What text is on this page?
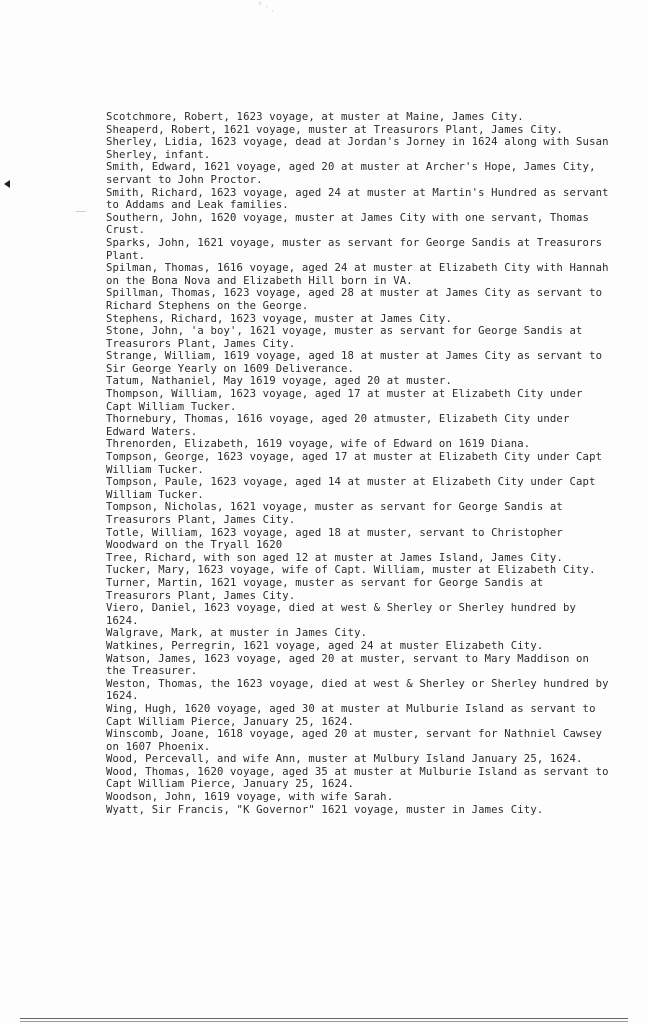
˚ · ⸒
Scotchmore, Robert, 1623 voyage, at muster at Maine, James City.
Sheaperd, Robert, 1621 voyage, muster at Treasurors Plant, James City.
Sherley, Lidia, 1623 voyage, dead at Jordan's Jorney in 1624 along with Susan
Sherley, infant.
Smith, Edward, 1621 voyage, aged 20 at muster at Archer's Hope, James City,
servant to John Proctor.
Smith, Richard, 1623 voyage, aged 24 at muster at Martin's Hundred as servant
to Addams and Leak families.
Southern, John, 1620 voyage, muster at James City with one servant, Thomas
Crust.
Sparks, John, 1621 voyage, muster as servant for George Sandis at Treasurors
Plant.
Spilman, Thomas, 1616 voyage, aged 24 at muster at Elizabeth City with Hannah
on the Bona Nova and Elizabeth Hill born in VA.
Spillman, Thomas, 1623 voyage, aged 28 at muster at James City as servant to
Richard Stephens on the George.
Stephens, Richard, 1623 voyage, muster at James City.
Stone, John, 'a boy', 1621 voyage, muster as servant for George Sandis at
Treasurors Plant, James City.
Strange, William, 1619 voyage, aged 18 at muster at James City as servant to
Sir George Yearly on 1609 Deliverance.
Tatum, Nathaniel, May 1619 voyage, aged 20 at muster.
Thompson, William, 1623 voyage, aged 17 at muster at Elizabeth City under
Capt William Tucker.
Thornebury, Thomas, 1616 voyage, aged 20 atmuster, Elizabeth City under
Edward Waters.
Threnorden, Elizabeth, 1619 voyage, wife of Edward on 1619 Diana.
Tompson, George, 1623 voyage, aged 17 at muster at Elizabeth City under Capt
William Tucker.
Tompson, Paule, 1623 voyage, aged 14 at muster at Elizabeth City under Capt
William Tucker.
Tompson, Nicholas, 1621 voyage, muster as servant for George Sandis at
Treasurors Plant, James City.
Totle, William, 1623 voyage, aged 18 at muster, servant to Christopher
Woodward on the Tryall 1620
Tree, Richard, with son aged 12 at muster at James Island, James City.
Tucker, Mary, 1623 voyage, wife of Capt. William, muster at Elizabeth City.
Turner, Martin, 1621 voyage, muster as servant for George Sandis at
Treasurors Plant, James City.
Viero, Daniel, 1623 voyage, died at west & Sherley or Sherley hundred by
1624.
Walgrave, Mark, at muster in James City.
Watkines, Perregrin, 1621 voyage, aged 24 at muster Elizabeth City.
Watson, James, 1623 voyage, aged 20 at muster, servant to Mary Maddison on
the Treasurer.
Weston, Thomas, the 1623 voyage, died at west & Sherley or Sherley hundred by
1624.
Wing, Hugh, 1620 voyage, aged 30 at muster at Mulburie Island as servant to
Capt William Pierce, January 25, 1624.
Winscomb, Joane, 1618 voyage, aged 20 at muster, servant for Nathniel Cawsey
on 1607 Phoenix.
Wood, Percevall, and wife Ann, muster at Mulbury Island January 25, 1624.
Wood, Thomas, 1620 voyage, aged 35 at muster at Mulburie Island as servant to
Capt William Pierce, January 25, 1624.
Woodson, John, 1619 voyage, with wife Sarah.
Wyatt, Sir Francis, "K Governor" 1621 voyage, muster in James City.
